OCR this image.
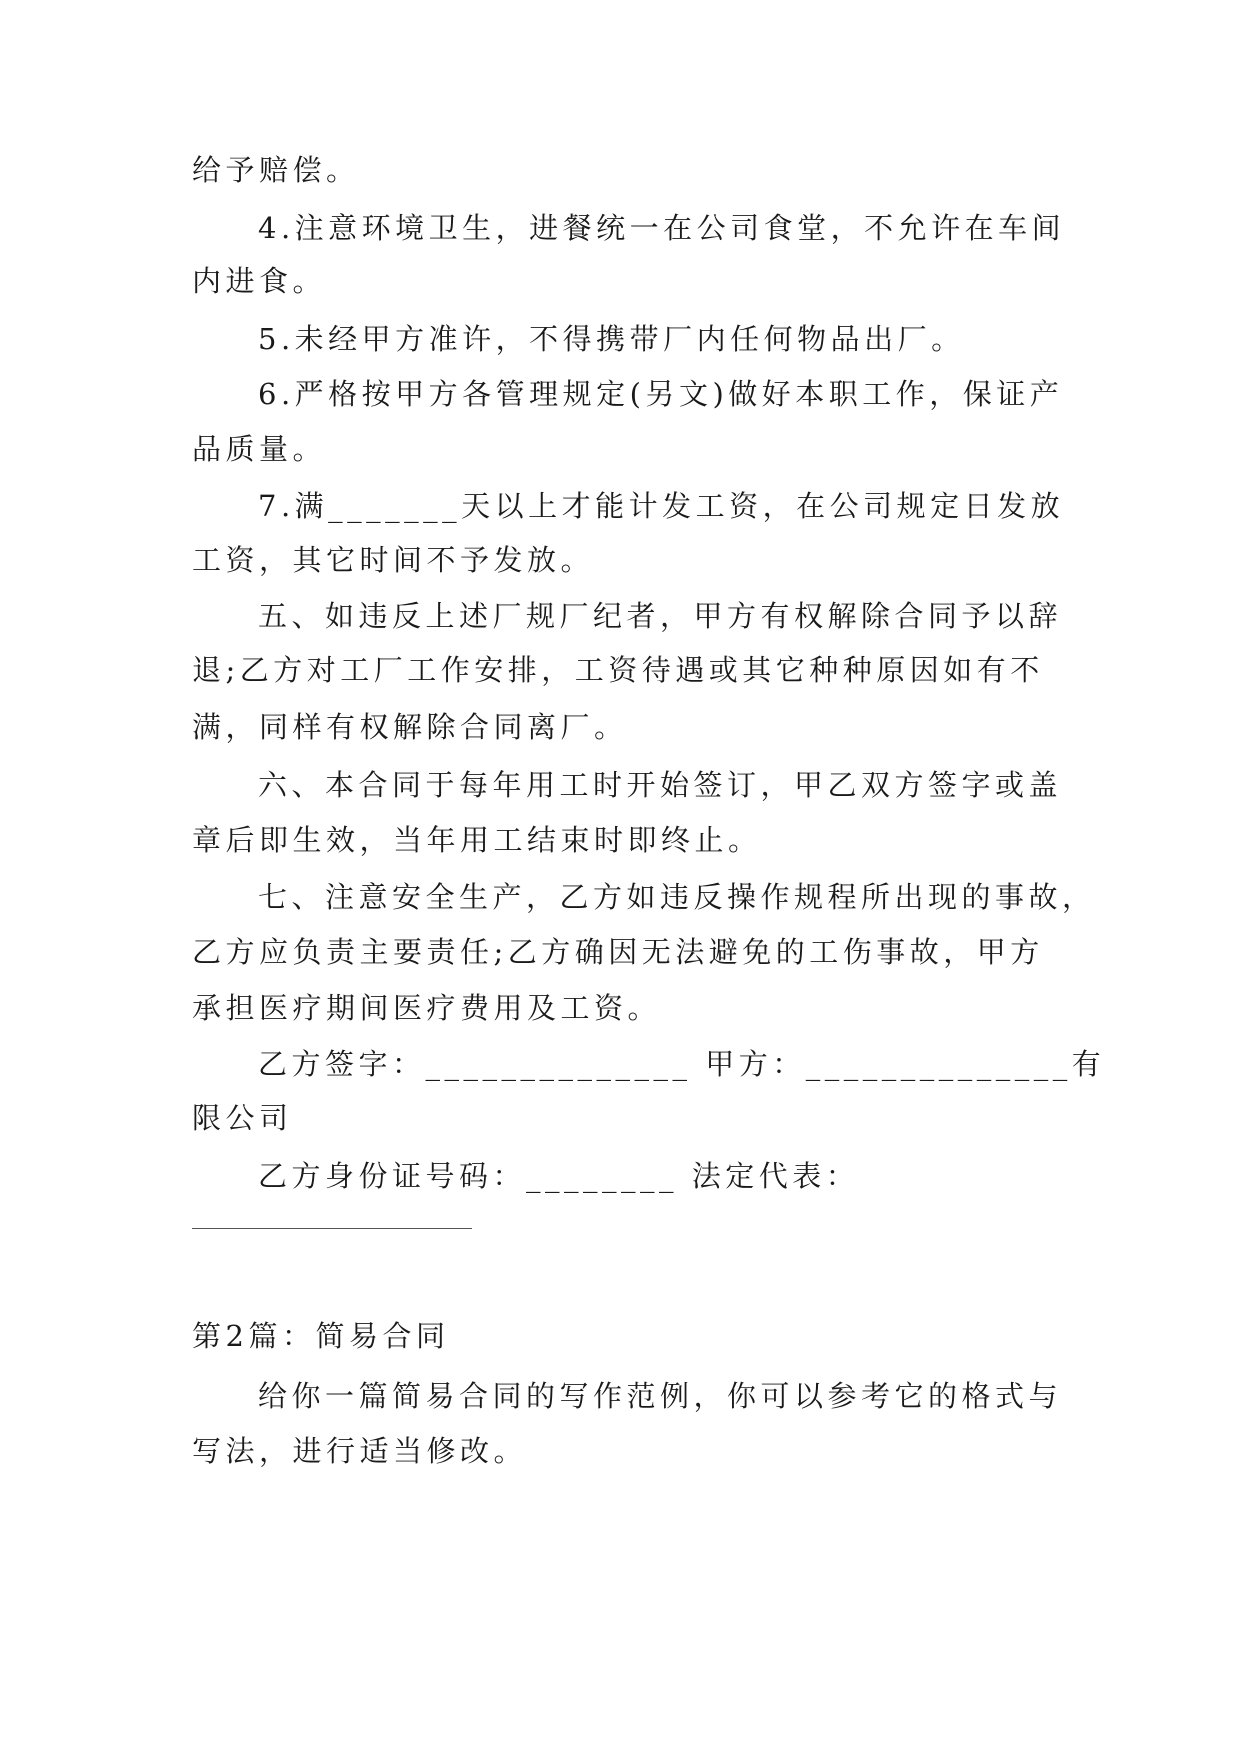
给予赔偿。
4.注意环境卫生，进餐统一在公司食堂，不允许在车间
内进食。
5.未经甲方准许，不得携带厂内任何物品出厂。
6.严格按甲方各管理规定(另文)做好本职工作，保证产
品质量。
7.满_______天以上才能计发工资，在公司规定日发放
工资，其它时间不予发放。
五、如违反上述厂规厂纪者，甲方有权解除合同予以辞
退;乙方对工厂工作安排，工资待遇或其它种种原因如有不
满，同样有权解除合同离厂。
六、本合同于每年用工时开始签订，甲乙双方签字或盖
章后即生效，当年用工结束时即终止。
七、注意安全生产，乙方如违反操作规程所出现的事故，
乙方应负责主要责任;乙方确因无法避免的工伤事故，甲方
承担医疗期间医疗费用及工资。
乙方签字：______________ 甲方：______________有
限公司
乙方身份证号码：________ 法定代表：
第2篇：简易合同
给你一篇简易合同的写作范例，你可以参考它的格式与
写法，进行适当修改。
